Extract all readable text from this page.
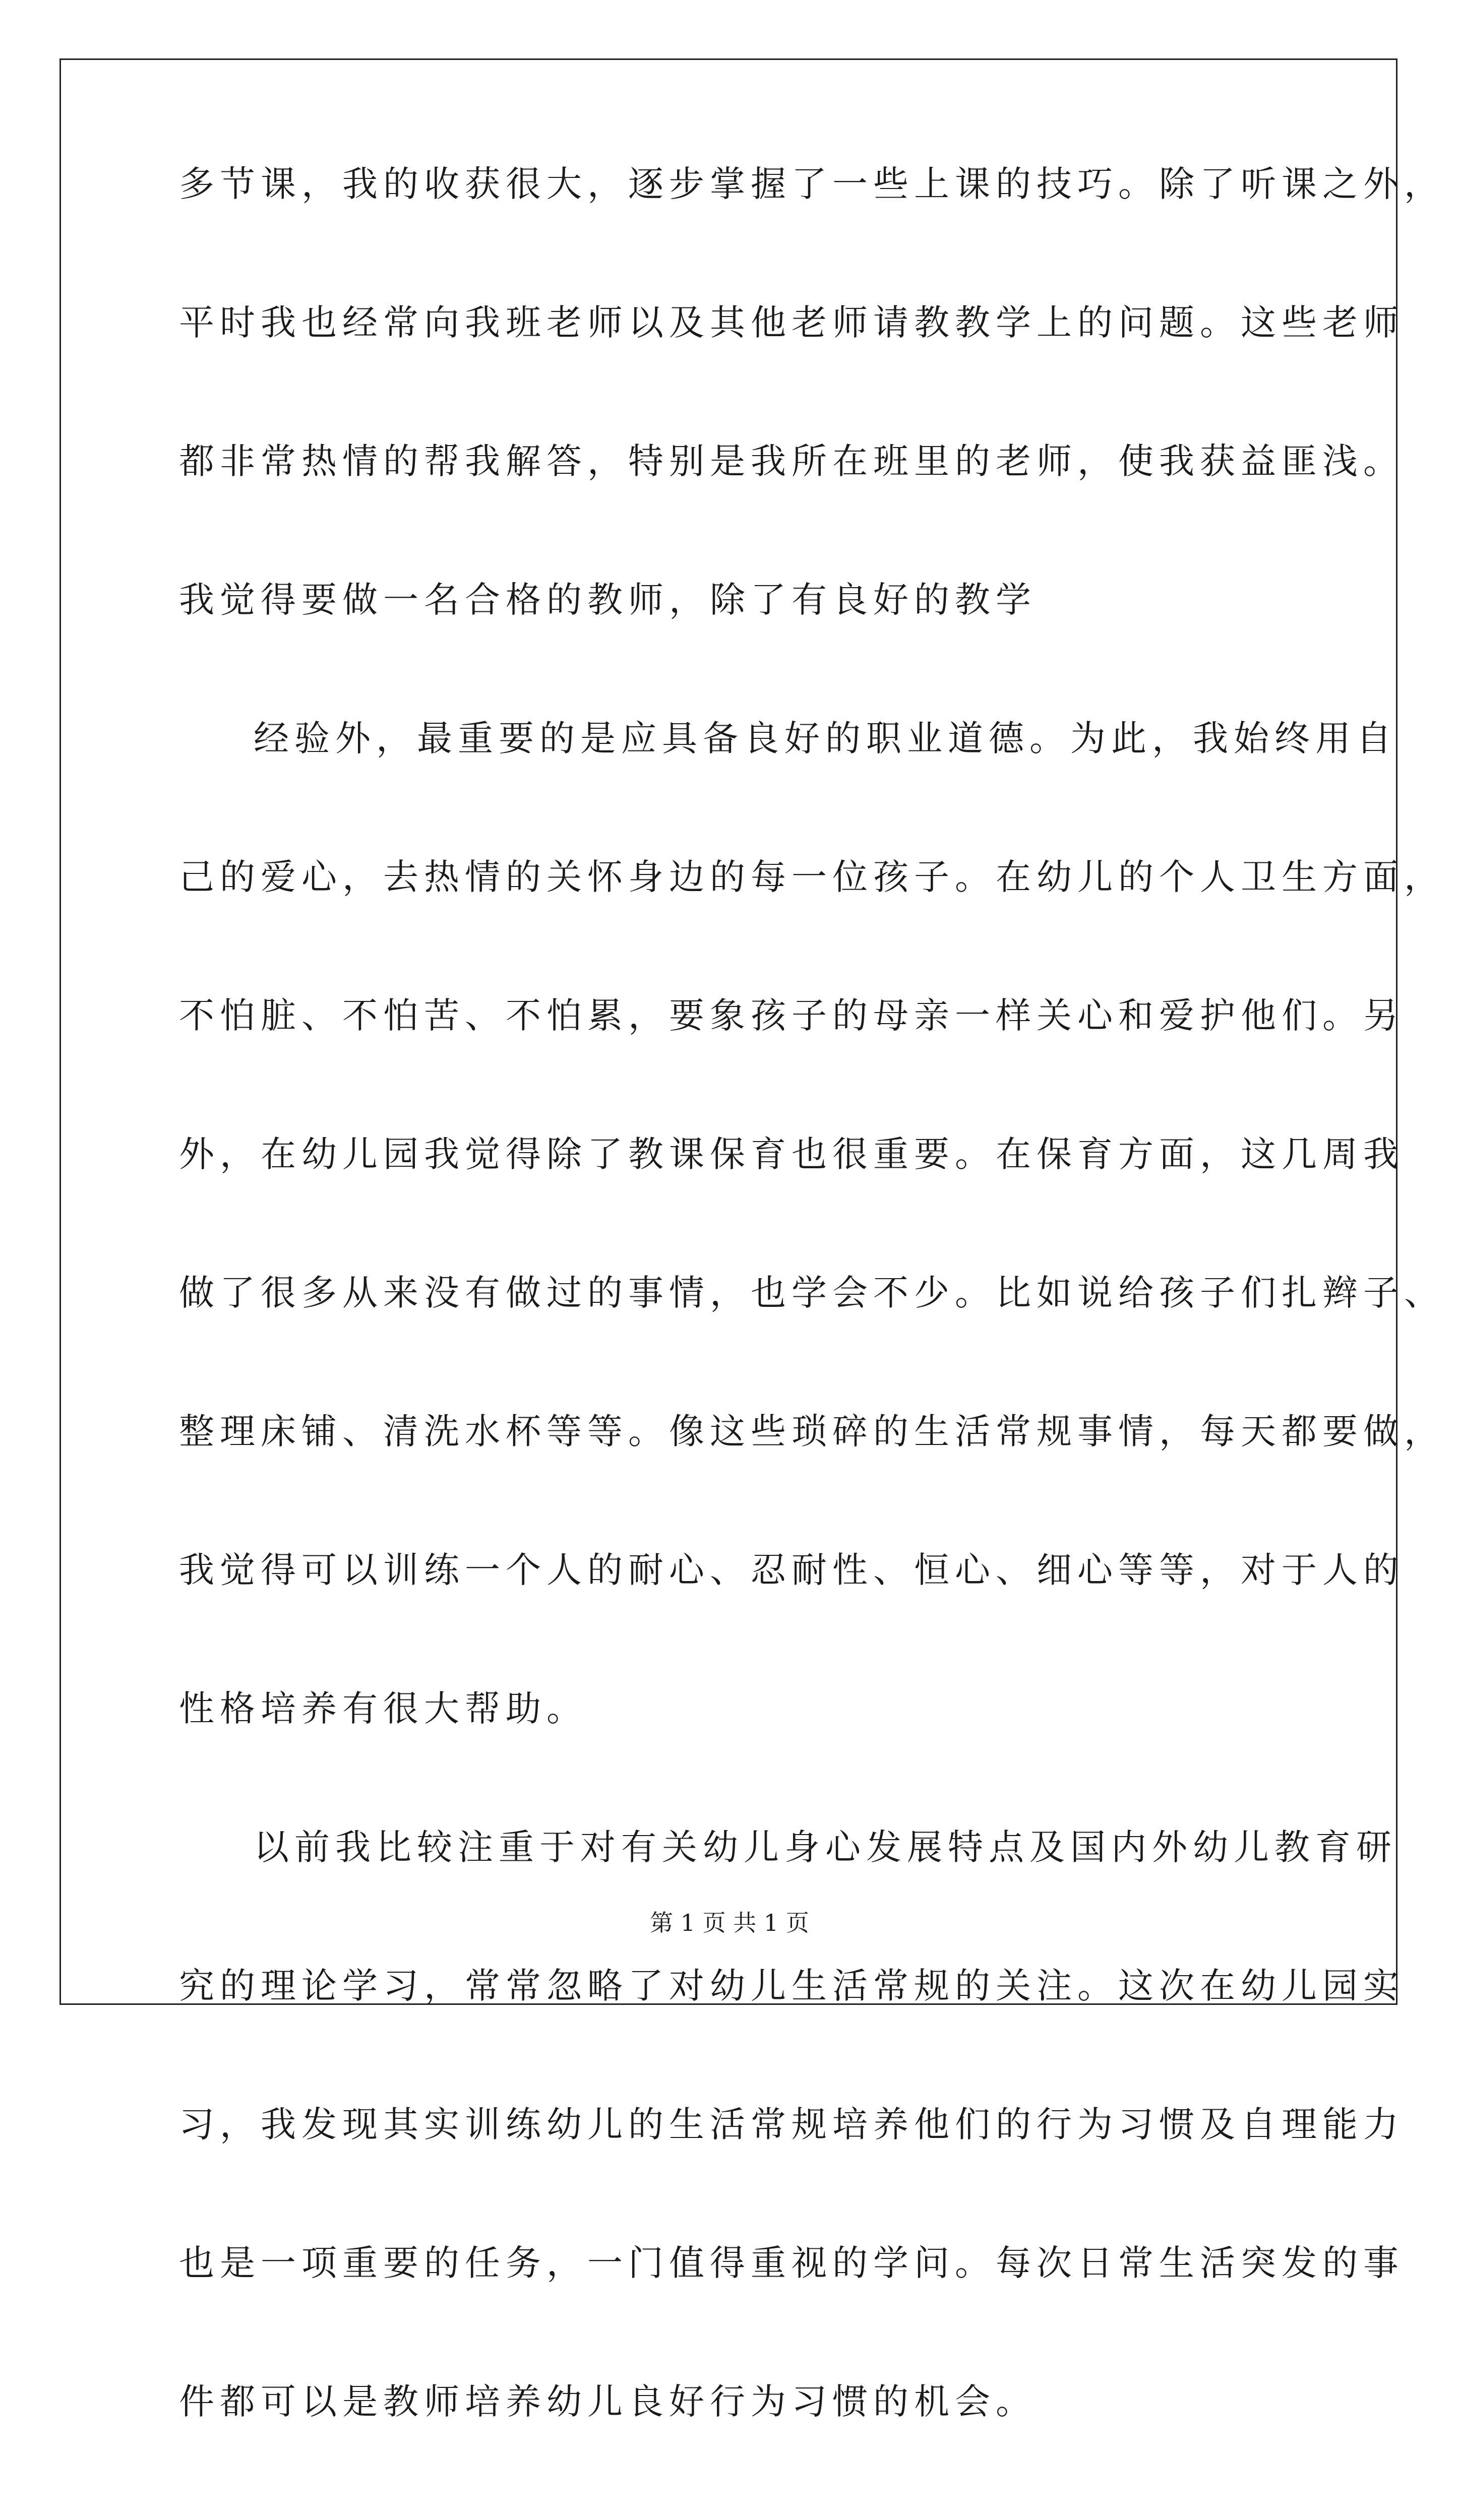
多节课，我的收获很大，逐步掌握了一些上课的技巧。除了听课之外，
平时我也经常向我班老师以及其他老师请教教学上的问题。这些老师
都非常热情的帮我解答，特别是我所在班里的老师，使我获益匪浅。
我觉得要做一名合格的教师，除了有良好的教学
经验外，最重要的是应具备良好的职业道德。为此，我始终用自
己的爱心，去热情的关怀身边的每一位孩子。在幼儿的个人卫生方面，
不怕脏、不怕苦、不怕累，要象孩子的母亲一样关心和爱护他们。另
外，在幼儿园我觉得除了教课保育也很重要。在保育方面，这几周我
做了很多从来没有做过的事情，也学会不少。比如说给孩子们扎辫子、
整理床铺、清洗水杯等等。像这些琐碎的生活常规事情，每天都要做，
我觉得可以训练一个人的耐心、忍耐性、恒心、细心等等，对于人的
性格培养有很大帮助。
以前我比较注重于对有关幼儿身心发展特点及国内外幼儿教育研
究的理论学习，常常忽略了对幼儿生活常规的关注。这次在幼儿园实
习，我发现其实训练幼儿的生活常规培养他们的行为习惯及自理能力
也是一项重要的任务，一门值得重视的学问。每次日常生活突发的事
件都可以是教师培养幼儿良好行为习惯的机会。
第 1 页 共 1 页
